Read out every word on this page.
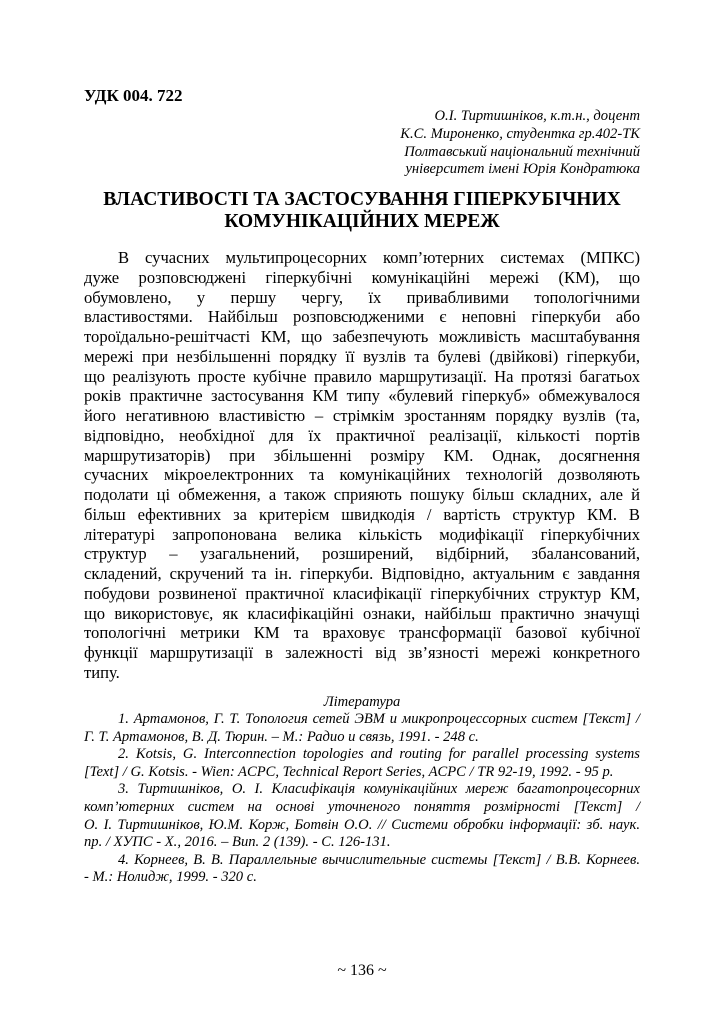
УДК 004. 722
О.І. Тиртишніков, к.т.н., доцент
К.С. Мироненко, студентка гр.402-ТК
Полтавський національний технічний
університет імені Юрія Кондратюка
ВЛАСТИВОСТІ ТА ЗАСТОСУВАННЯ ГІПЕРКУБІЧНИХ
КОМУНІКАЦІЙНИХ МЕРЕЖ
В сучасних мультипроцесорних комп’ютерних системах (МПКС)
дуже розповсюджені гіперкубічні комунікаційні мережі (КМ), що
обумовлено, у першу чергу, їх привабливими топологічними
властивостями. Найбільш розповсюдженими є неповні гіперкуби або
тороїдально-решітчасті КМ, що забезпечують можливість масштабування
мережі при незбільшенні порядку її вузлів та булеві (двійкові) гіперкуби,
що реалізують просте кубічне правило маршрутизації. На протязі багатьох
років практичне застосування КМ типу «булевий гіперкуб» обмежувалося
його негативною властивістю – стрімкім зростанням порядку вузлів (та,
відповідно, необхідної для їх практичної реалізації, кількості портів
маршрутизаторів) при збільшенні розміру КМ. Однак, досягнення
сучасних мікроелектронних та комунікаційних технологій дозволяють
подолати ці обмеження, а також сприяють пошуку більш складних, але й
більш ефективних за критерієм швидкодія / вартість структур КМ. В
літературі запропонована велика кількість модифікації гіперкубічних
структур – узагальнений, розширений, відбірний, збалансований,
складений, скручений та ін. гіперкуби. Відповідно, актуальним є завдання
побудови розвиненої практичної класифікації гіперкубічних структур КМ,
що використовує, як класифікаційні ознаки, найбільш практично значущі
топологічні метрики КМ та враховує трансформації базової кубічної
функції маршрутизації в залежності від зв’язності мережі конкретного
типу.
Література
1. Артамонов, Г. Т. Топология сетей ЭВМ и микропроцессорных систем [Текст] /
Г. Т. Артамонов, В. Д. Тюрин. – М.: Радио и связь, 1991. - 248 с.
2. Kotsis, G. Interconnection topologies and routing for parallel processing systems
[Text] / G. Kotsis. - Wien: ACPC, Technical Report Series, ACPC / TR 92-19, 1992. - 95 p.
3. Тиртишніков, О. І. Класифікація комунікаційних мереж багатопроцесорних
комп’ютерних систем на основі уточненого поняття розмірності [Текст] /
О. І. Тиртишніков, Ю.М. Корж, Ботвін О.О. // Системи обробки інформації: зб. наук.
пр. / ХУПС - Х., 2016. – Вип. 2 (139). - С. 126-131.
4. Корнеев, В. В. Параллельные вычислительные системы [Текст] / В.В. Корнеев.
- М.: Нолидж, 1999. - 320 с.
~ 136 ~
